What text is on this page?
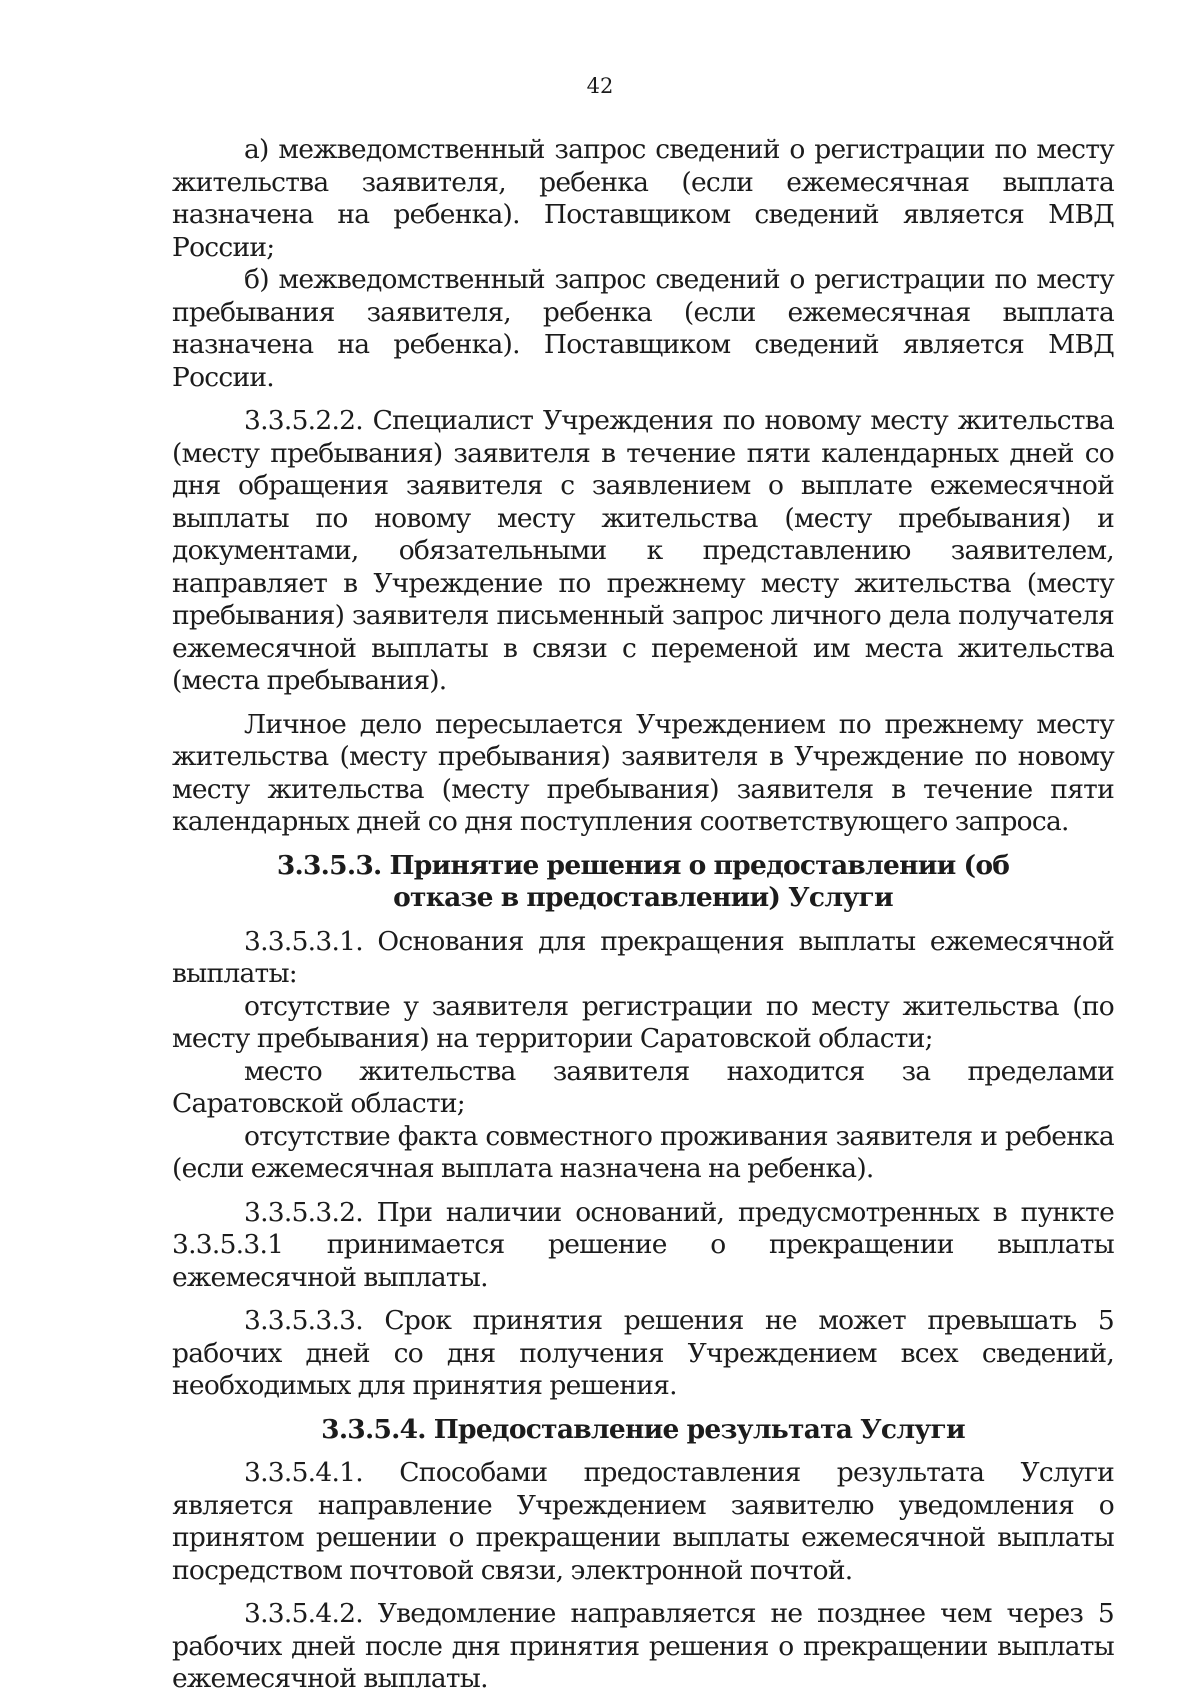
42

а) межведомственный запрос сведений о регистрации по месту жительства заявителя, ребенка (если ежемесячная выплата назначена на ребенка). Поставщиком сведений является МВД России;

б) межведомственный запрос сведений о регистрации по месту пребывания заявителя, ребенка (если ежемесячная выплата назначена на ребенка). Поставщиком сведений является МВД России.

3.3.5.2.2. Специалист Учреждения по новому месту жительства (месту пребывания) заявителя в течение пяти календарных дней со дня обращения заявителя с заявлением о выплате ежемесячной выплаты по новому месту жительства (месту пребывания) и документами, обязательными к представлению заявителем, направляет в Учреждение по прежнему месту жительства (месту пребывания) заявителя письменный запрос личного дела получателя ежемесячной выплаты в связи с переменой им места жительства (места пребывания).

Личное дело пересылается Учреждением по прежнему месту жительства (месту пребывания) заявителя в Учреждение по новому месту жительства (месту пребывания) заявителя в течение пяти календарных дней со дня поступления соответствующего запроса.

3.3.5.3. Принятие решения о предоставлении (об отказе в предоставлении) Услуги

3.3.5.3.1. Основания для прекращения выплаты ежемесячной выплаты:

отсутствие у заявителя регистрации по месту жительства (по месту пребывания) на территории Саратовской области;

место жительства заявителя находится за пределами Саратовской области;

отсутствие факта совместного проживания заявителя и ребенка (если ежемесячная выплата назначена на ребенка).

3.3.5.3.2. При наличии оснований, предусмотренных в пункте 3.3.5.3.1 принимается решение о прекращении выплаты ежемесячной выплаты.

3.3.5.3.3. Срок принятия решения не может превышать 5 рабочих дней со дня получения Учреждением всех сведений, необходимых для принятия решения.

3.3.5.4. Предоставление результата Услуги

3.3.5.4.1. Способами предоставления результата Услуги является направление Учреждением заявителю уведомления о принятом решении о прекращении выплаты ежемесячной выплаты посредством почтовой связи, электронной почтой.

3.3.5.4.2. Уведомление направляется не позднее чем через 5 рабочих дней после дня принятия решения о прекращении выплаты ежемесячной выплаты.
